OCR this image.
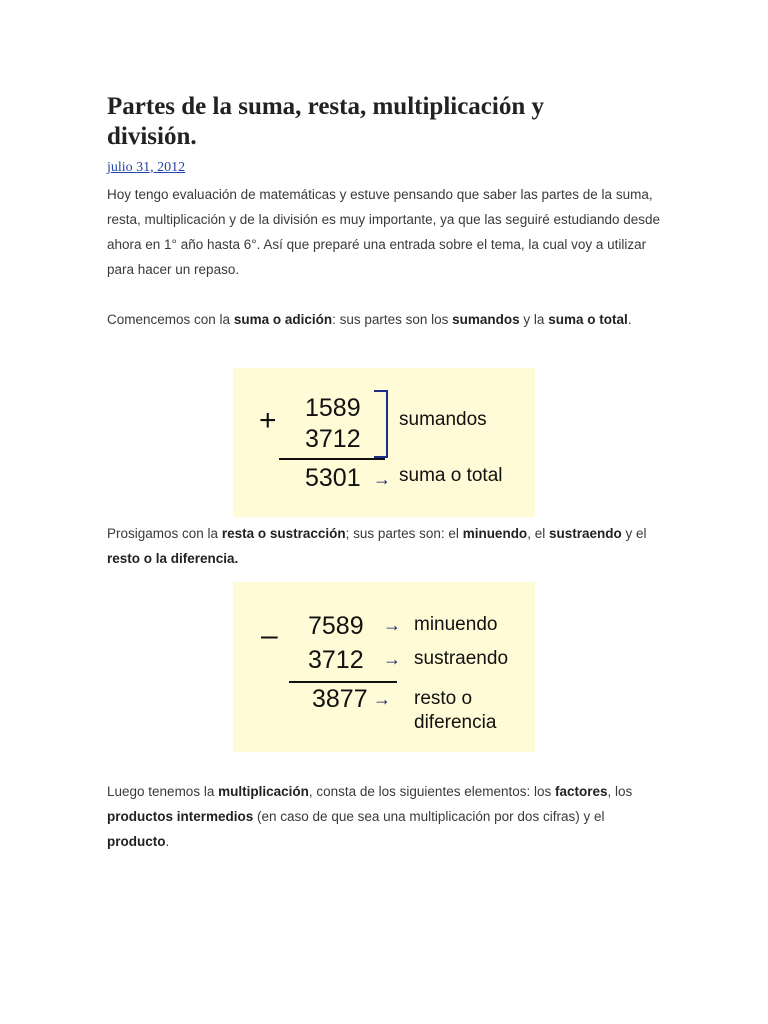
Partes de la suma, resta, multiplicación y división.
julio 31, 2012

Hoy tengo evaluación de matemáticas y estuve pensando que saber las partes de la suma, resta, multiplicación y de la división es muy importante, ya que las seguiré estudiando desde ahora en 1° año hasta 6°. Así que preparé una entrada sobre el tema, la cual voy a utilizar para hacer un repaso.

Comencemos con la suma o adición: sus partes son los sumandos y la suma o total.

Prosigamos con la resta o sustracción; sus partes son: el minuendo, el sustraendo y el resto o la diferencia.

Luego tenemos la multiplicación, consta de los siguientes elementos: los factores, los productos intermedios (en caso de que sea una multiplicación por dos cifras) y el producto.

+ 1589
3712
sumandos
5301 → suma o total
– 7589 → minuendo
3712 → sustraendo
3877 → resto o
diferencia
